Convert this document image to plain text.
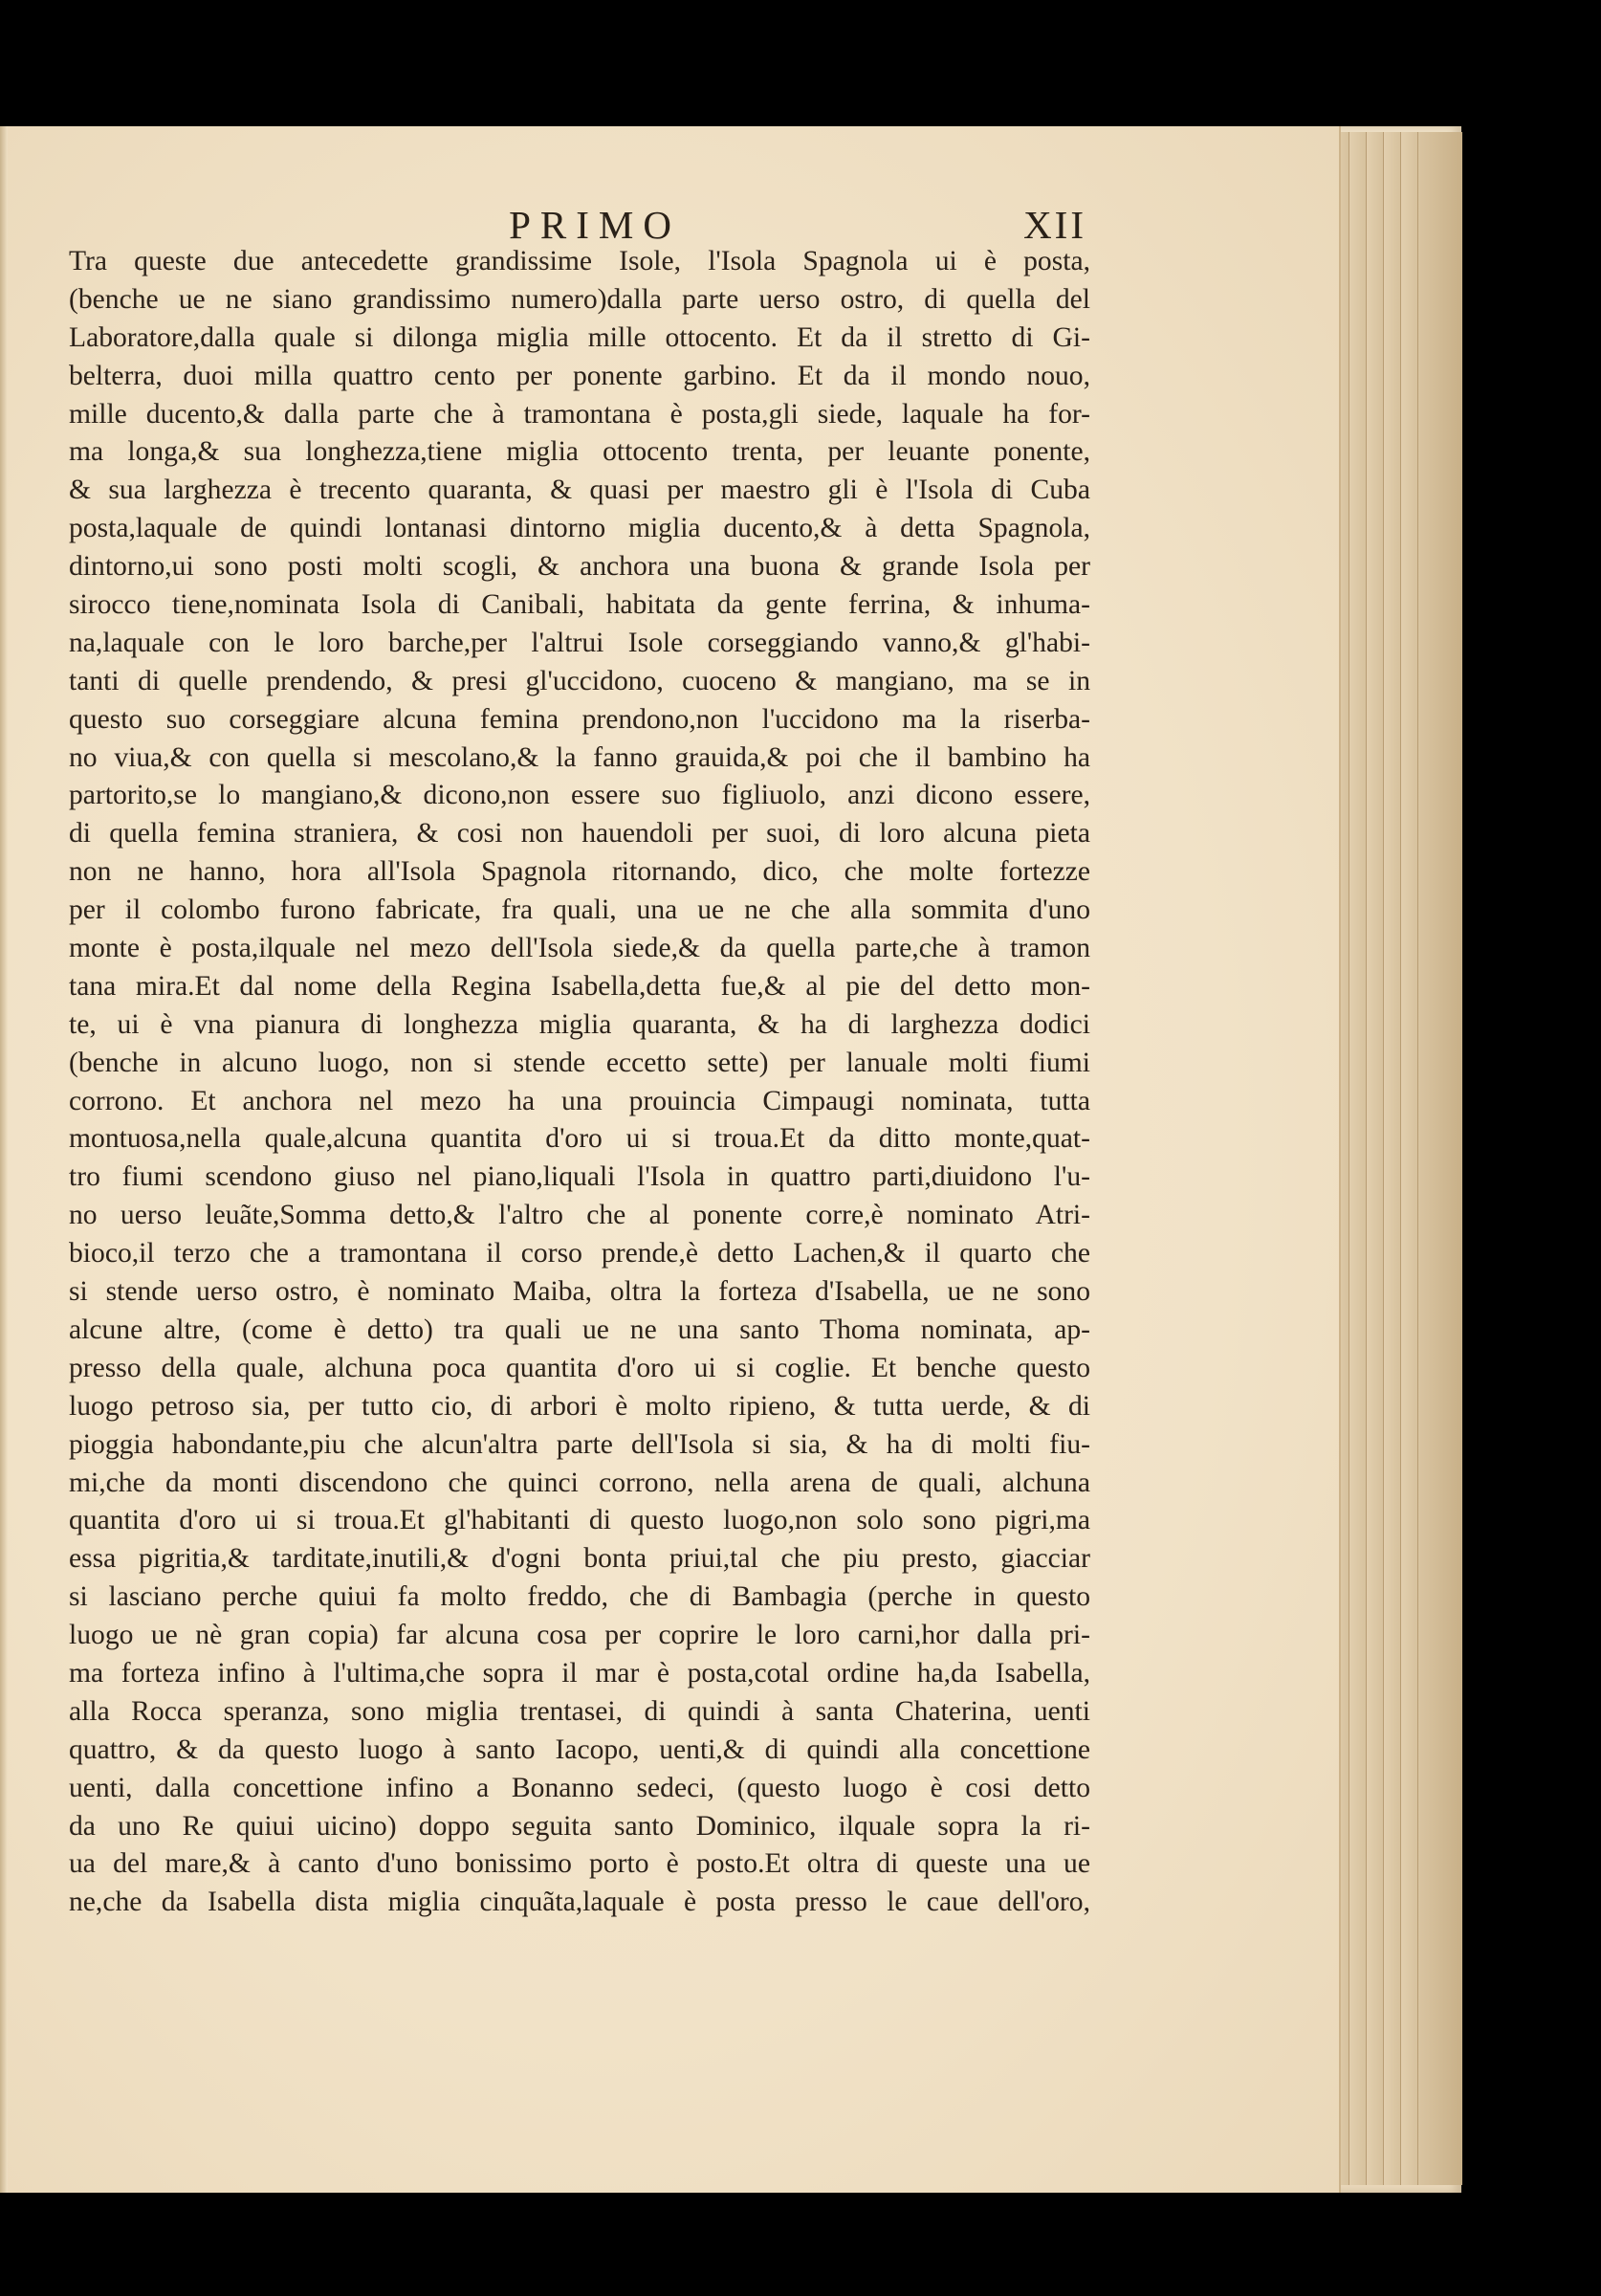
PRIMO	XII
Tra queste due antecedette grandissime Isole, l'Isola Spagnola ui è posta,
(benche ue ne siano grandissimo numero)dalla parte uerso ostro, di quella del
Laboratore,dalla quale si dilonga miglia mille ottocento. Et da il stretto di Gi-
belterra, duoi milla quattro cento per ponente garbino. Et da il mondo nouo,
mille ducento,& dalla parte che à tramontana è posta,gli siede, laquale ha for-
ma longa,& sua longhezza,tiene miglia ottocento trenta, per leuante ponente,
& sua larghezza è trecento quaranta, & quasi per maestro gli è l'Isola di Cuba
posta,laquale de quindi lontanasi dintorno miglia ducento,& à detta Spagnola,
dintorno,ui sono posti molti scogli, & anchora una buona & grande Isola per
sirocco tiene,nominata Isola di Canibali, habitata da gente ferrina, & inhuma-
na,laquale con le loro barche,per l'altrui Isole corseggiando vanno,& gl'habi-
tanti di quelle prendendo, & presi gl'uccidono, cuoceno & mangiano, ma se in
questo suo corseggiare alcuna femina prendono,non l'uccidono ma la riserba-
no viua,& con quella si mescolano,& la fanno grauida,& poi che il bambino ha
partorito,se lo mangiano,& dicono,non essere suo figliuolo, anzi dicono essere,
di quella femina straniera, & cosi non hauendoli per suoi, di loro alcuna pieta
non ne hanno, hora all'Isola Spagnola ritornando, dico, che molte fortezze
per il colombo furono fabricate, fra quali, una ue ne che alla sommita d'uno
monte è posta,ilquale nel mezo dell'Isola siede,& da quella parte,che à tramon
tana mira.Et dal nome della Regina Isabella,detta fue,& al pie del detto mon-
te, ui è vna pianura di longhezza miglia quaranta, & ha di larghezza dodici
(benche in alcuno luogo, non si stende eccetto sette) per lanuale molti fiumi
corrono. Et anchora nel mezo ha una prouincia Cimpaugi nominata, tutta
montuosa,nella quale,alcuna quantita d'oro ui si troua.Et da ditto monte,quat-
tro fiumi scendono giuso nel piano,liquali l'Isola in quattro parti,diuidono l'u-
no uerso leuãte,Somma detto,& l'altro che al ponente corre,è nominato Atri-
bioco,il terzo che a tramontana il corso prende,è detto Lachen,& il quarto che
si stende uerso ostro, è nominato Maiba, oltra la forteza d'Isabella, ue ne sono
alcune altre, (come è detto) tra quali ue ne una santo Thoma nominata, ap-
presso della quale, alchuna poca quantita d'oro ui si coglie. Et benche questo
luogo petroso sia, per tutto cio, di arbori è molto ripieno, & tutta uerde, & di
pioggia habondante,piu che alcun'altra parte dell'Isola si sia, & ha di molti fiu-
mi,che da monti discendono che quinci corrono, nella arena de quali, alchuna
quantita d'oro ui si troua.Et gl'habitanti di questo luogo,non solo sono pigri,ma
essa pigritia,& tarditate,inutili,& d'ogni bonta priui,tal che piu presto, giacciar
si lasciano perche quiui fa molto freddo, che di Bambagia (perche in questo
luogo ue nè gran copia) far alcuna cosa per coprire le loro carni,hor dalla pri-
ma forteza infino à l'ultima,che sopra il mar è posta,cotal ordine ha,da Isabella,
alla Rocca speranza, sono miglia trentasei, di quindi à santa Chaterina, uenti
quattro, & da questo luogo à santo Iacopo, uenti,& di quindi alla concettione
uenti, dalla concettione infino a Bonanno sedeci, (questo luogo è cosi detto
da uno Re quiui uicino) doppo seguita santo Dominico, ilquale sopra la ri-
ua del mare,& à canto d'uno bonissimo porto è posto.Et oltra di queste una ue
ne,che da Isabella dista miglia cinquãta,laquale è posta presso le caue dell'oro,
